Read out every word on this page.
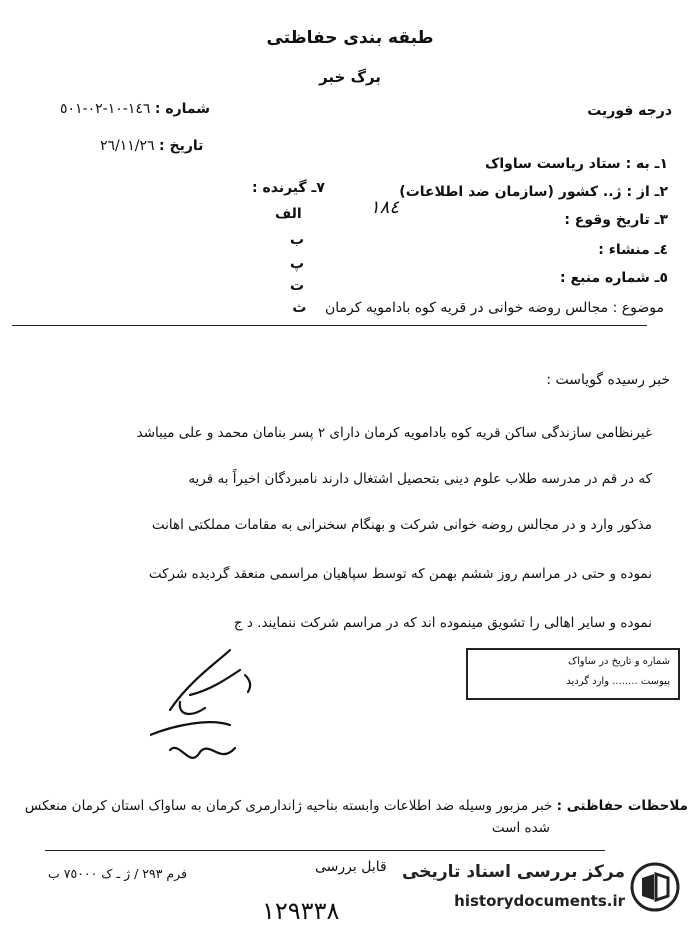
طبقه بندی حفاظتی
برگ خبر
درجه فوریت
شماره : ١٤٦-١٠-٠٢-٥٠١
تاریخ : ٢٦/١١/٢٦
١ـ به : ستاد ریاست ساواک
٢ـ از : ژ.. کشور (سازمان ضد اطلاعات)
٣ـ تاریخ وقوع :
٤ـ منشاء :
٥ـ شماره منبع :
١٨٤
٧ـ گیرنده :
الف
ب
پ
ت
موضوع : مجالس روضه خوانی در قریه کوه بادامویه کرمان ث
خبر رسیده گویاست :
غیرنظامی سازندگی ساکن قریه کوه بادامویه کرمان دارای ٢ پسر بنامان محمد و علی میباشد
که در قم در مدرسه طلاب علوم دینی بتحصیل اشتغال دارند نامبردگان اخیراً به قریه
مذکور وارد و در مجالس روضه خوانی شرکت و بهنگام سخنرانی به مقامات مملکتی اهانت
نموده و حتی در مراسم روز ششم بهمن که توسط سپاهیان مراسمی منعقد گردیده شرکت
نموده و سایر اهالی را تشویق مینموده اند که در مراسم شرکت ننمایند. د ج
شماره و تاریخ در ساواک
پیوست ........ وارد گردید
ملاحظات حفاظتی : خبر مزبور وسیله ضد اطلاعات وابسته بناحیه ژاندارمری کرمان به ساواک استان کرمان منعکس
شده است
فرم ٢٩٣ / ژ ـ ک ٧٥٠٠٠ ب	قابل بررسی
١٢٩٣٣٨
مرکز بررسی اسناد تاریخی
historydocuments.ir
